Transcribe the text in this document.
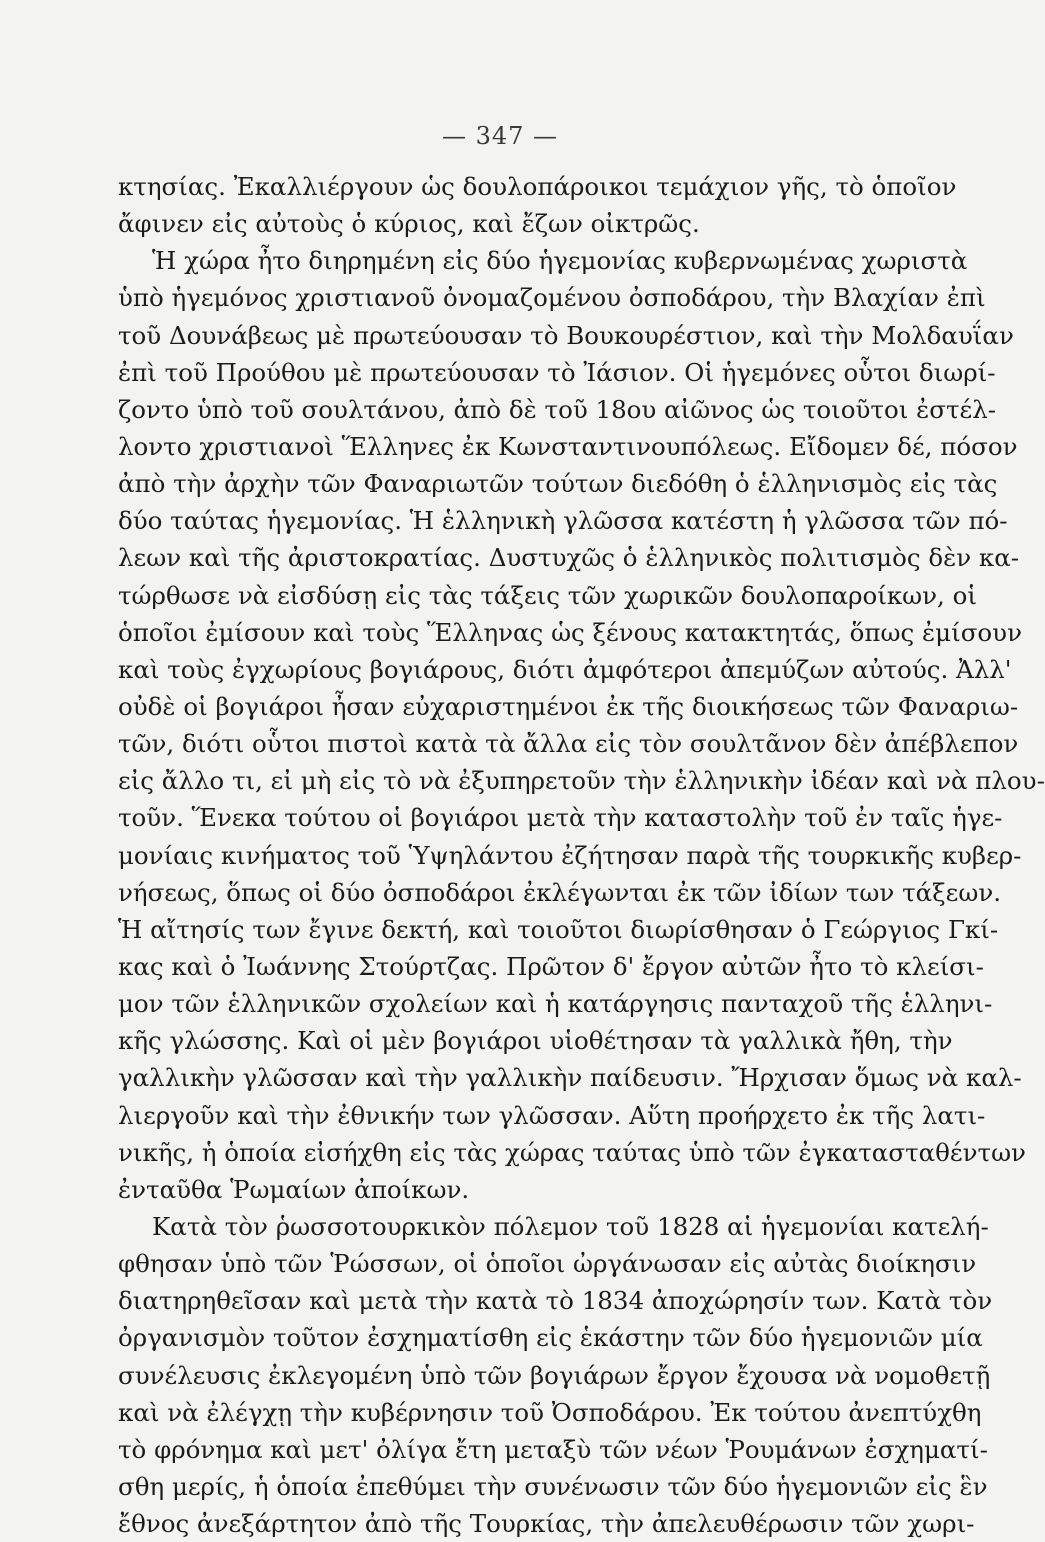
— 347 —
κτησίας. Ἐκαλλιέργουν ὡς δουλοπάροικοι τεμάχιον γῆς, τὸ ὁποῖον
ἄφινεν εἰς αὐτοὺς ὁ κύριος, καὶ ἔζων οἰκτρῶς.
Ἡ χώρα ἦτο διηρημένη εἰς δύο ἡγεμονίας κυβερνωμένας χωριστὰ
ὑπὸ ἡγεμόνος χριστιανοῦ ὀνομαζομένου ὀσποδάρου, τὴν Βλαχίαν ἐπὶ
τοῦ Δουνάβεως μὲ πρωτεύουσαν τὸ Βουκουρέστιον, καὶ τὴν Μολδαυΐαν
ἐπὶ τοῦ Προύθου μὲ πρωτεύουσαν τὸ Ἰάσιον. Οἱ ἡγεμόνες οὗτοι διωρί-
ζοντο ὑπὸ τοῦ σουλτάνου, ἀπὸ δὲ τοῦ 18ου αἰῶνος ὡς τοιοῦτοι ἐστέλ-
λοντο χριστιανοὶ Ἕλληνες ἐκ Κωνσταντινουπόλεως. Εἴδομεν δέ, πόσον
ἀπὸ τὴν ἀρχὴν τῶν Φαναριωτῶν τούτων διεδόθη ὁ ἑλληνισμὸς εἰς τὰς
δύο ταύτας ἡγεμονίας. Ἡ ἑλληνικὴ γλῶσσα κατέστη ἡ γλῶσσα τῶν πό-
λεων καὶ τῆς ἀριστοκρατίας. Δυστυχῶς ὁ ἑλληνικὸς πολιτισμὸς δὲν κα-
τώρθωσε νὰ εἰσδύσῃ εἰς τὰς τάξεις τῶν χωρικῶν δουλοπαροίκων, οἱ
ὁποῖοι ἐμίσουν καὶ τοὺς Ἕλληνας ὡς ξένους κατακτητάς, ὅπως ἐμίσουν
καὶ τοὺς ἐγχωρίους βογιάρους, διότι ἀμφότεροι ἀπεμύζων αὐτούς. Ἀλλ'
οὐδὲ οἱ βογιάροι ἦσαν εὐχαριστημένοι ἐκ τῆς διοικήσεως τῶν Φαναριω-
τῶν, διότι οὗτοι πιστοὶ κατὰ τὰ ἄλλα εἰς τὸν σουλτᾶνον δὲν ἀπέβλεπον
εἰς ἄλλο τι, εἰ μὴ εἰς τὸ νὰ ἐξυπηρετοῦν τὴν ἑλληνικὴν ἰδέαν καὶ νὰ πλου-
τοῦν. Ἕνεκα τούτου οἱ βογιάροι μετὰ τὴν καταστολὴν τοῦ ἐν ταῖς ἡγε-
μονίαις κινήματος τοῦ Ὑψηλάντου ἐζήτησαν παρὰ τῆς τουρκικῆς κυβερ-
νήσεως, ὅπως οἱ δύο ὀσποδάροι ἐκλέγωνται ἐκ τῶν ἰδίων των τάξεων.
Ἡ αἴτησίς των ἔγινε δεκτή, καὶ τοιοῦτοι διωρίσθησαν ὁ Γεώργιος Γκί-
κας καὶ ὁ Ἰωάννης Στούρτζας. Πρῶτον δ' ἔργον αὐτῶν ἦτο τὸ κλείσι-
μον τῶν ἑλληνικῶν σχολείων καὶ ἡ κατάργησις πανταχοῦ τῆς ἑλληνι-
κῆς γλώσσης. Καὶ οἱ μὲν βογιάροι υἱοθέτησαν τὰ γαλλικὰ ἤθη, τὴν
γαλλικὴν γλῶσσαν καὶ τὴν γαλλικὴν παίδευσιν. Ἤρχισαν ὅμως νὰ καλ-
λιεργοῦν καὶ τὴν ἐθνικήν των γλῶσσαν. Αὕτη προήρχετο ἐκ τῆς λατι-
νικῆς, ἡ ὁποία εἰσήχθη εἰς τὰς χώρας ταύτας ὑπὸ τῶν ἐγκατασταθέντων
ἐνταῦθα Ῥωμαίων ἀποίκων.
Κατὰ τὸν ῥωσσοτουρκικὸν πόλεμον τοῦ 1828 αἱ ἡγεμονίαι κατελή-
φθησαν ὑπὸ τῶν Ῥώσσων, οἱ ὁποῖοι ὠργάνωσαν εἰς αὐτὰς διοίκησιν
διατηρηθεῖσαν καὶ μετὰ τὴν κατὰ τὸ 1834 ἀποχώρησίν των. Κατὰ τὸν
ὀργανισμὸν τοῦτον ἐσχηματίσθη εἰς ἑκάστην τῶν δύο ἡγεμονιῶν μία
συνέλευσις ἐκλεγομένη ὑπὸ τῶν βογιάρων ἔργον ἔχουσα νὰ νομοθετῇ
καὶ νὰ ἐλέγχῃ τὴν κυβέρνησιν τοῦ Ὀσποδάρου. Ἐκ τούτου ἀνεπτύχθη
τὸ φρόνημα καὶ μετ' ὀλίγα ἔτη μεταξὺ τῶν νέων Ῥουμάνων ἐσχηματί-
σθη μερίς, ἡ ὁποία ἐπεθύμει τὴν συνένωσιν τῶν δύο ἡγεμονιῶν εἰς ἓν
ἔθνος ἀνεξάρτητον ἀπὸ τῆς Τουρκίας, τὴν ἀπελευθέρωσιν τῶν χωρι-
